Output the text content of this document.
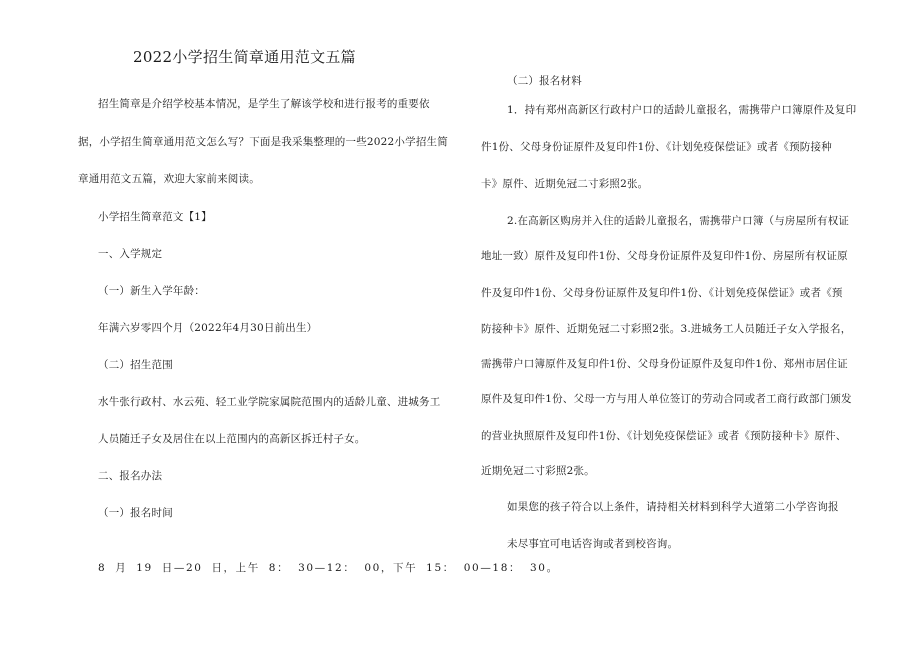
2022小学招生简章通用范文五篇
招生简章是介绍学校基本情况，是学生了解该学校和进行报考的重要依
据，小学招生简章通用范文怎么写？下面是我采集整理的一些2022小学招生简
章通用范文五篇，欢迎大家前来阅读。
小学招生简章范文【1】
一、入学规定
（一）新生入学年龄：
年满六岁零四个月（2022年4月30日前出生）
（二）招生范围
水牛张行政村、水云苑、轻工业学院家属院范围内的适龄儿童、进城务工
人员随迁子女及居住在以上范围内的高新区拆迁村子女。
二、报名办法
（一）报名时间
8 月 19 日—20 日，上午 8： 30—12： 00，下午 15： 00—18： 30。
（二）报名材料
1．持有郑州高新区行政村户口的适龄儿童报名，需携带户口簿原件及复印
件1份、父母身份证原件及复印件1份、《计划免疫保偿证》或者《预防接种
卡》原件、近期免冠二寸彩照2张。
2.在高新区购房并入住的适龄儿童报名，需携带户口簿（与房屋所有权证
地址一致）原件及复印件1份、父母身份证原件及复印件1份、房屋所有权证原
件及复印件1份、父母身份证原件及复印件1份、《计划免疫保偿证》或者《预
防接种卡》原件、近期免冠二寸彩照2张。3.进城务工人员随迁子女入学报名，
需携带户口簿原件及复印件1份、父母身份证原件及复印件1份、郑州市居住证
原件及复印件1份、父母一方与用人单位签订的劳动合同或者工商行政部门颁发
的营业执照原件及复印件1份、《计划免疫保偿证》或者《预防接种卡》原件、
近期免冠二寸彩照2张。
如果您的孩子符合以上条件，请持相关材料到科学大道第二小学咨询报
未尽事宜可电话咨询或者到校咨询。
